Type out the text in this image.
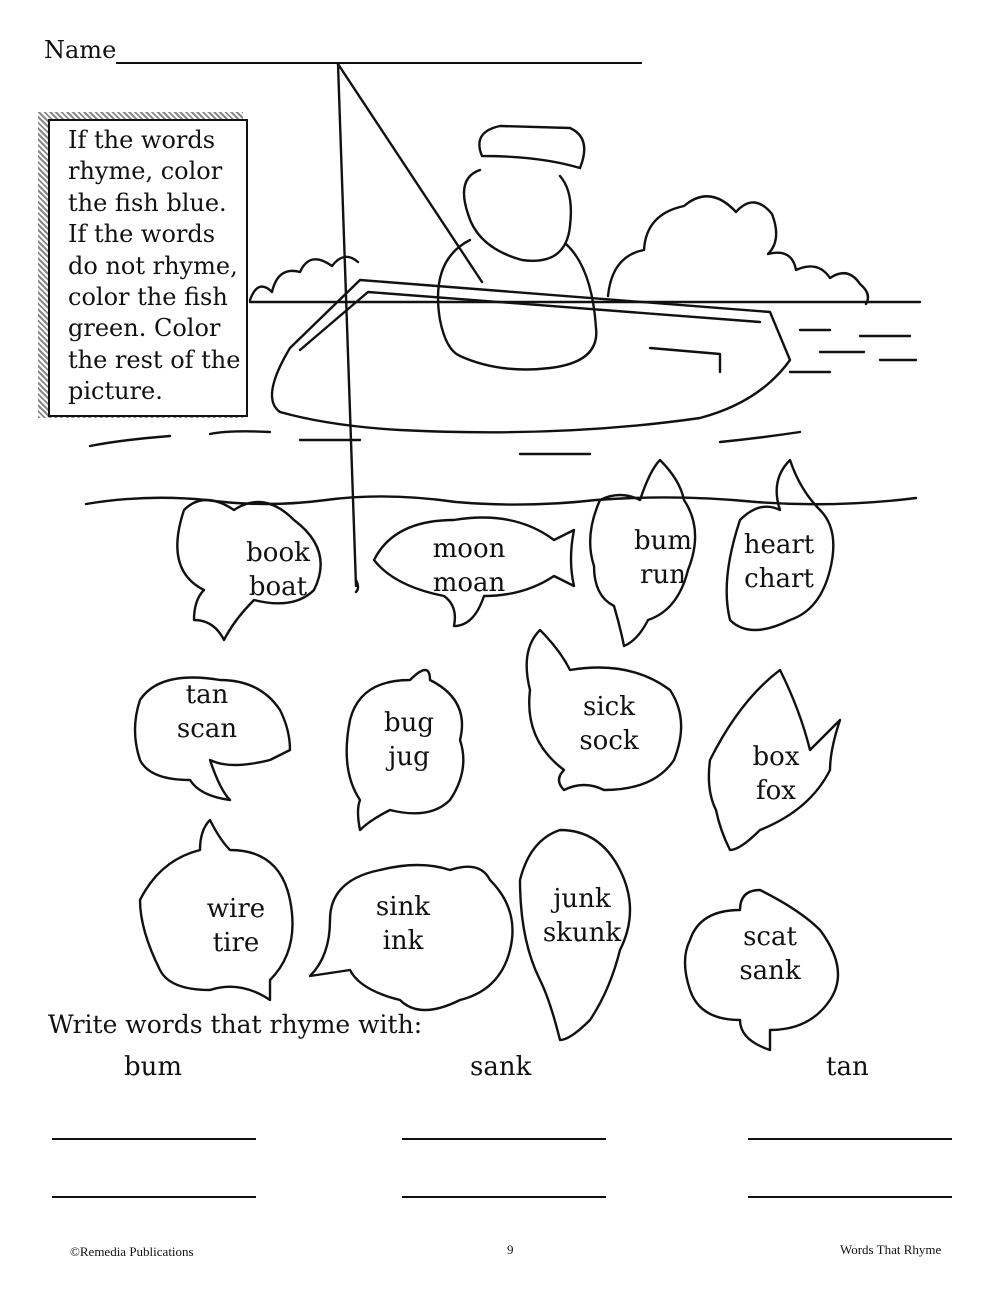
Name
If the words
rhyme, color
the fish blue.
If the words
do not rhyme,
color the fish
green. Color
the rest of the
picture.
book
boat
moon
moan
bum
run
heart
chart
tan
scan	bug
jug
sick
sock
box
fox
wire
tire
sink
ink
junk
skunk	scat
sank
Write words that rhyme with:
bum	sank	tan
©Remedia Publications	9	Words That Rhyme
